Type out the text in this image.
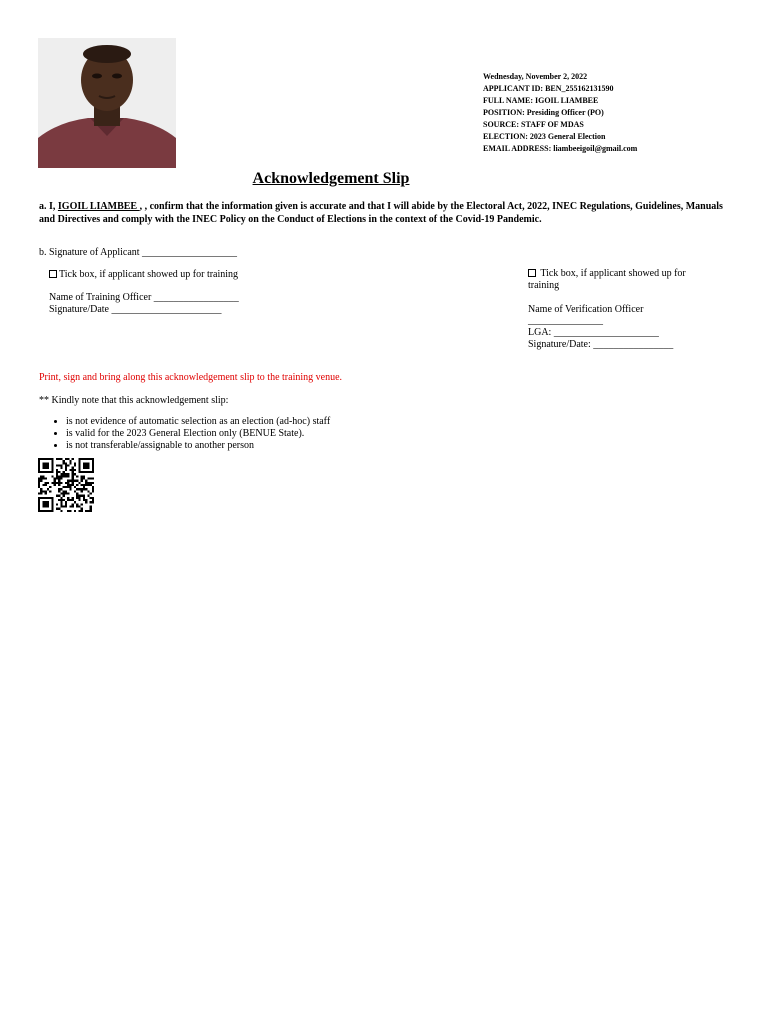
Wednesday, November 2, 2022
APPLICANT ID: BEN_255162131590
FULL NAME: IGOIL LIAMBEE
POSITION: Presiding Officer (PO)
SOURCE: STAFF OF MDAS
ELECTION: 2023 General Election
EMAIL ADDRESS: liambeeigoil@gmail.com
Acknowledgement Slip
a. I, IGOIL LIAMBEE , , confirm that the information given is accurate and that I will abide by the Electoral Act, 2022, INEC Regulations, Guidelines, Manuals and Directives and comply with the INEC Policy on the Conduct of Elections in the context of the Covid-19 Pandemic.
b. Signature of Applicant ___________________
Tick box, if applicant showed up for training
Name of Training Officer _________________
Signature/Date ______________________
Tick box, if applicant showed up for training
Name of Verification Officer
_______________
LGA: _____________________
Signature/Date: ________________
Print, sign and bring along this acknowledgement slip to the training venue.
** Kindly note that this acknowledgement slip:
• is not evidence of automatic selection as an election (ad-hoc) staff
• is valid for the 2023 General Election only (BENUE State).
• is not transferable/assignable to another person
